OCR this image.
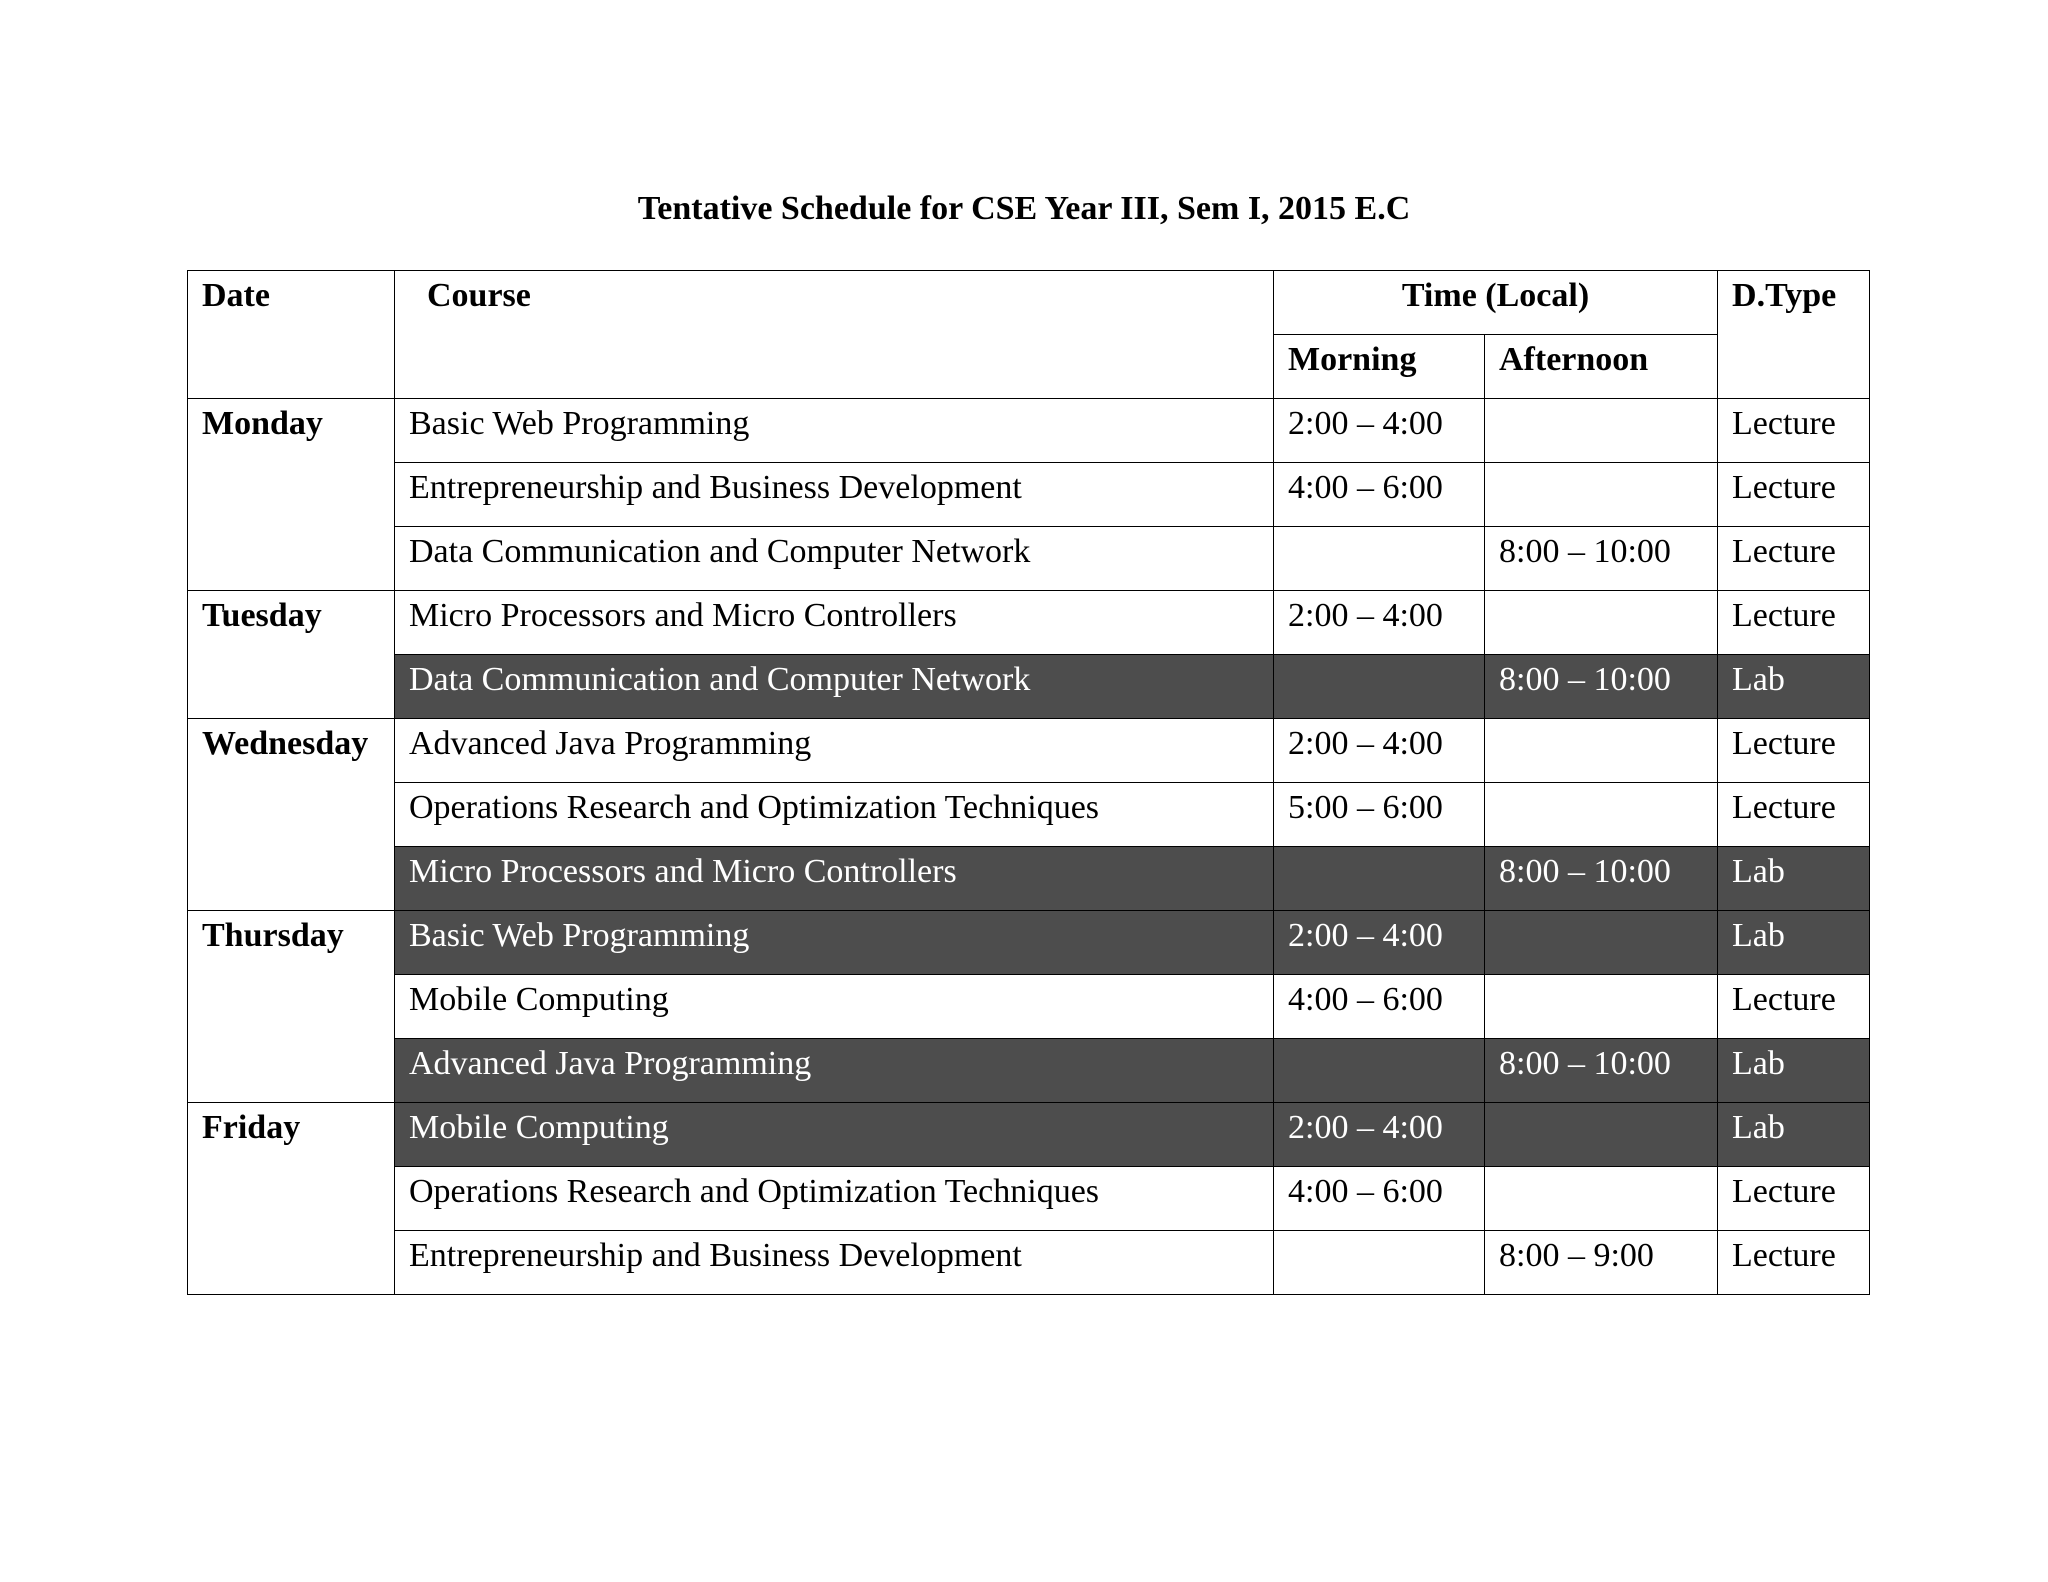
Tentative Schedule for CSE Year III, Sem I, 2015 E.C
Date	Course	Time (Local)		D.Type
		Morning	Afternoon	
Monday	Basic Web Programming	2:00 – 4:00		Lecture
	Entrepreneurship and Business Development	4:00 – 6:00		Lecture
	Data Communication and Computer Network		8:00 – 10:00	Lecture
Tuesday	Micro Processors and Micro Controllers	2:00 – 4:00		Lecture
	Data Communication and Computer Network		8:00 – 10:00	Lab
Wednesday	Advanced Java Programming	2:00 – 4:00		Lecture
	Operations Research and Optimization Techniques	5:00 – 6:00		Lecture
	Micro Processors and Micro Controllers		8:00 – 10:00	Lab
Thursday	Basic Web Programming	2:00 – 4:00		Lab
	Mobile Computing	4:00 – 6:00		Lecture
	Advanced Java Programming		8:00 – 10:00	Lab
Friday	Mobile Computing	2:00 – 4:00		Lab
	Operations Research and Optimization Techniques	4:00 – 6:00		Lecture
	Entrepreneurship and Business Development		8:00 – 9:00	Lecture
